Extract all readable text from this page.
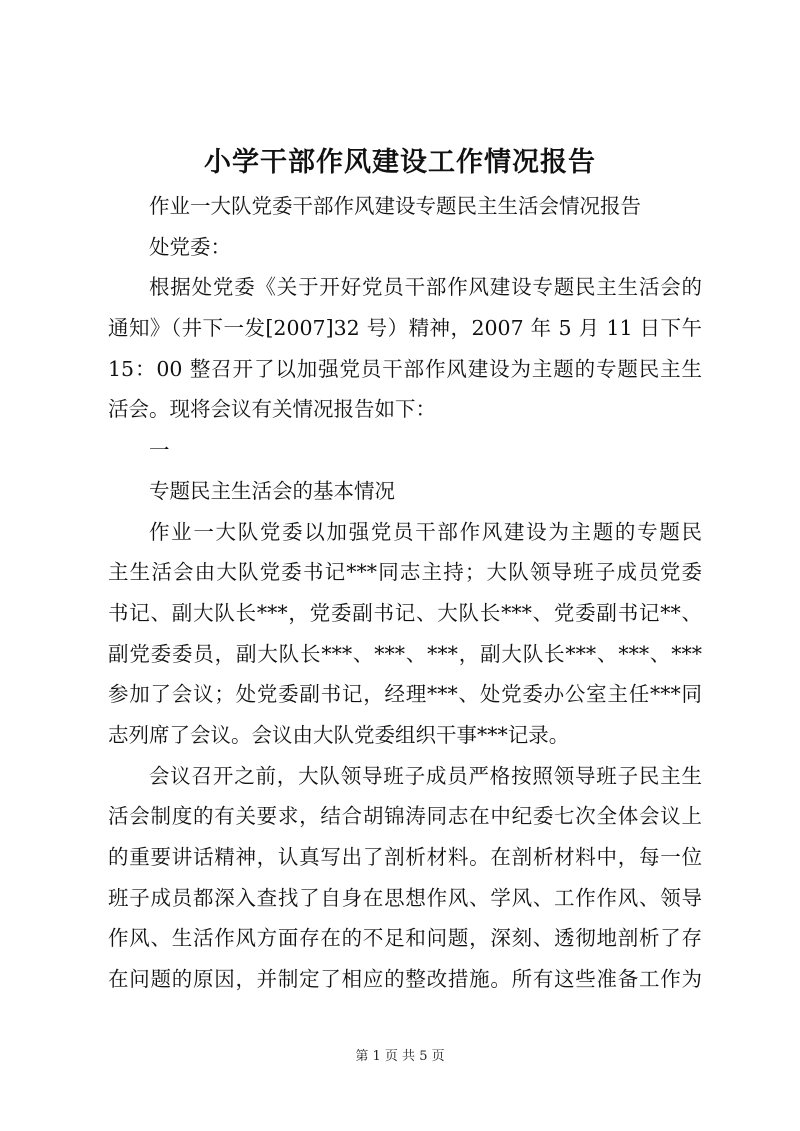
小学干部作风建设工作情况报告
作业一大队党委干部作风建设专题民主生活会情况报告
处党委：
根据处党委《关于开好党员干部作风建设专题民主生活会的
通知》（井下一发[2007]32 号）精神，2007 年 5 月 11 日下午
15：00 整召开了以加强党员干部作风建设为主题的专题民主生
活会。现将会议有关情况报告如下：
一
专题民主生活会的基本情况
作业一大队党委以加强党员干部作风建设为主题的专题民
主生活会由大队党委书记***同志主持；大队领导班子成员党委
书记、副大队长***，党委副书记、大队长***、党委副书记**、
副党委委员，副大队长***、***、***，副大队长***、***、***
参加了会议；处党委副书记，经理***、处党委办公室主任***同
志列席了会议。会议由大队党委组织干事***记录。
会议召开之前，大队领导班子成员严格按照领导班子民主生
活会制度的有关要求，结合胡锦涛同志在中纪委七次全体会议上
的重要讲话精神，认真写出了剖析材料。在剖析材料中，每一位
班子成员都深入查找了自身在思想作风、学风、工作作风、领导
作风、生活作风方面存在的不足和问题，深刻、透彻地剖析了存
在问题的原因，并制定了相应的整改措施。所有这些准备工作为
第 1 页 共 5 页
